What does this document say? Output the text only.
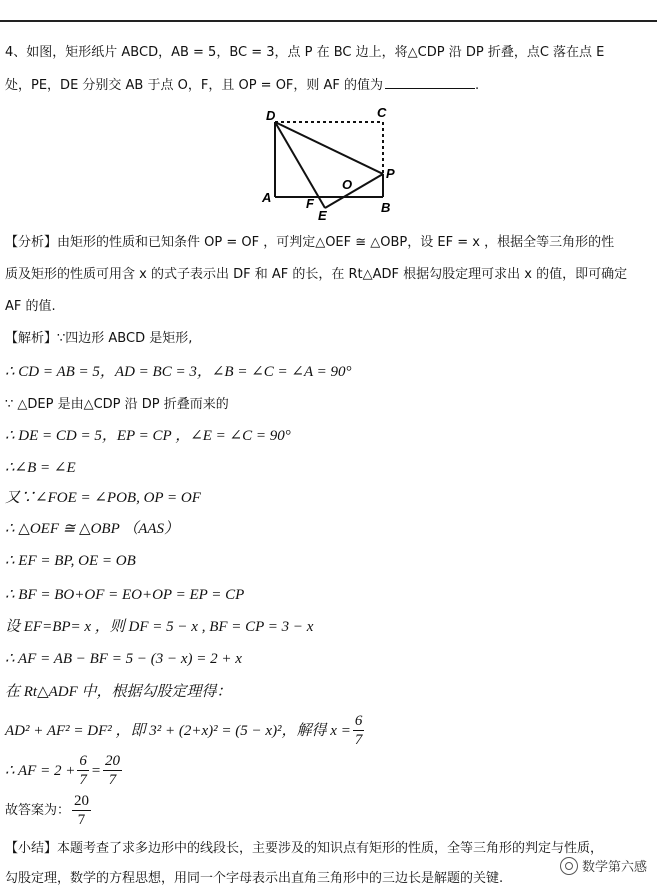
4、如图，矩形纸片 ABCD，AB = 5，BC = 3，点 P 在 BC 边上，将△CDP 沿 DP 折叠，点C 落在点 E
处，PE，DE 分别交 AB 于点 O，F，且 OP = OF，则 AF 的值为	.
D	C
A
B
P
O
F
E
【分析】由矩形的性质和已知条件 OP = OF ，可判定△OEF ≅ △OBP，设 EF = x ，根据全等三角形的性
质及矩形的性质可用含 x 的式子表示出 DF 和 AF 的长，在 Rt△ADF 根据勾股定理可求出 x 的值，即可确定
AF 的值.
【解析】∵四边形 ABCD 是矩形,
∴ CD = AB = 5，AD = BC = 3，∠B = ∠C = ∠A = 90°
∵ △DEP 是由△CDP 沿 DP 折叠而来的
∴ DE = CD = 5，EP = CP ，∠E = ∠C = 90°
∴∠B = ∠E
又∵∠FOE = ∠POB, OP = OF
∴ △OEF ≅ △OBP （AAS）
∴ EF = BP, OE = OB
∴ BF = BO+OF = EO+OP = EP = CP
设 EF=BP= x ，则 DF = 5 − x , BF = CP = 3 − x
∴ AF = AB − BF = 5 − (3 − x) = 2 + x
在 Rt△ADF 中，根据勾股定理得：
AD² + AF² = DF² ，即 3² + (2+x)² = (5 − x)²，解得 $x = \frac{6}{7}$
∴ AF = $2 + \frac{6}{7} = \frac{20}{7}$
故答案为： $\frac{20}{7}$
【小结】本题考查了求多边形中的线段长，主要涉及的知识点有矩形的性质，全等三角形的判定与性质，
勾股定理，数学的方程思想，用同一个字母表示出直角三角形中的三边长是解题的关键.
数学第六感
